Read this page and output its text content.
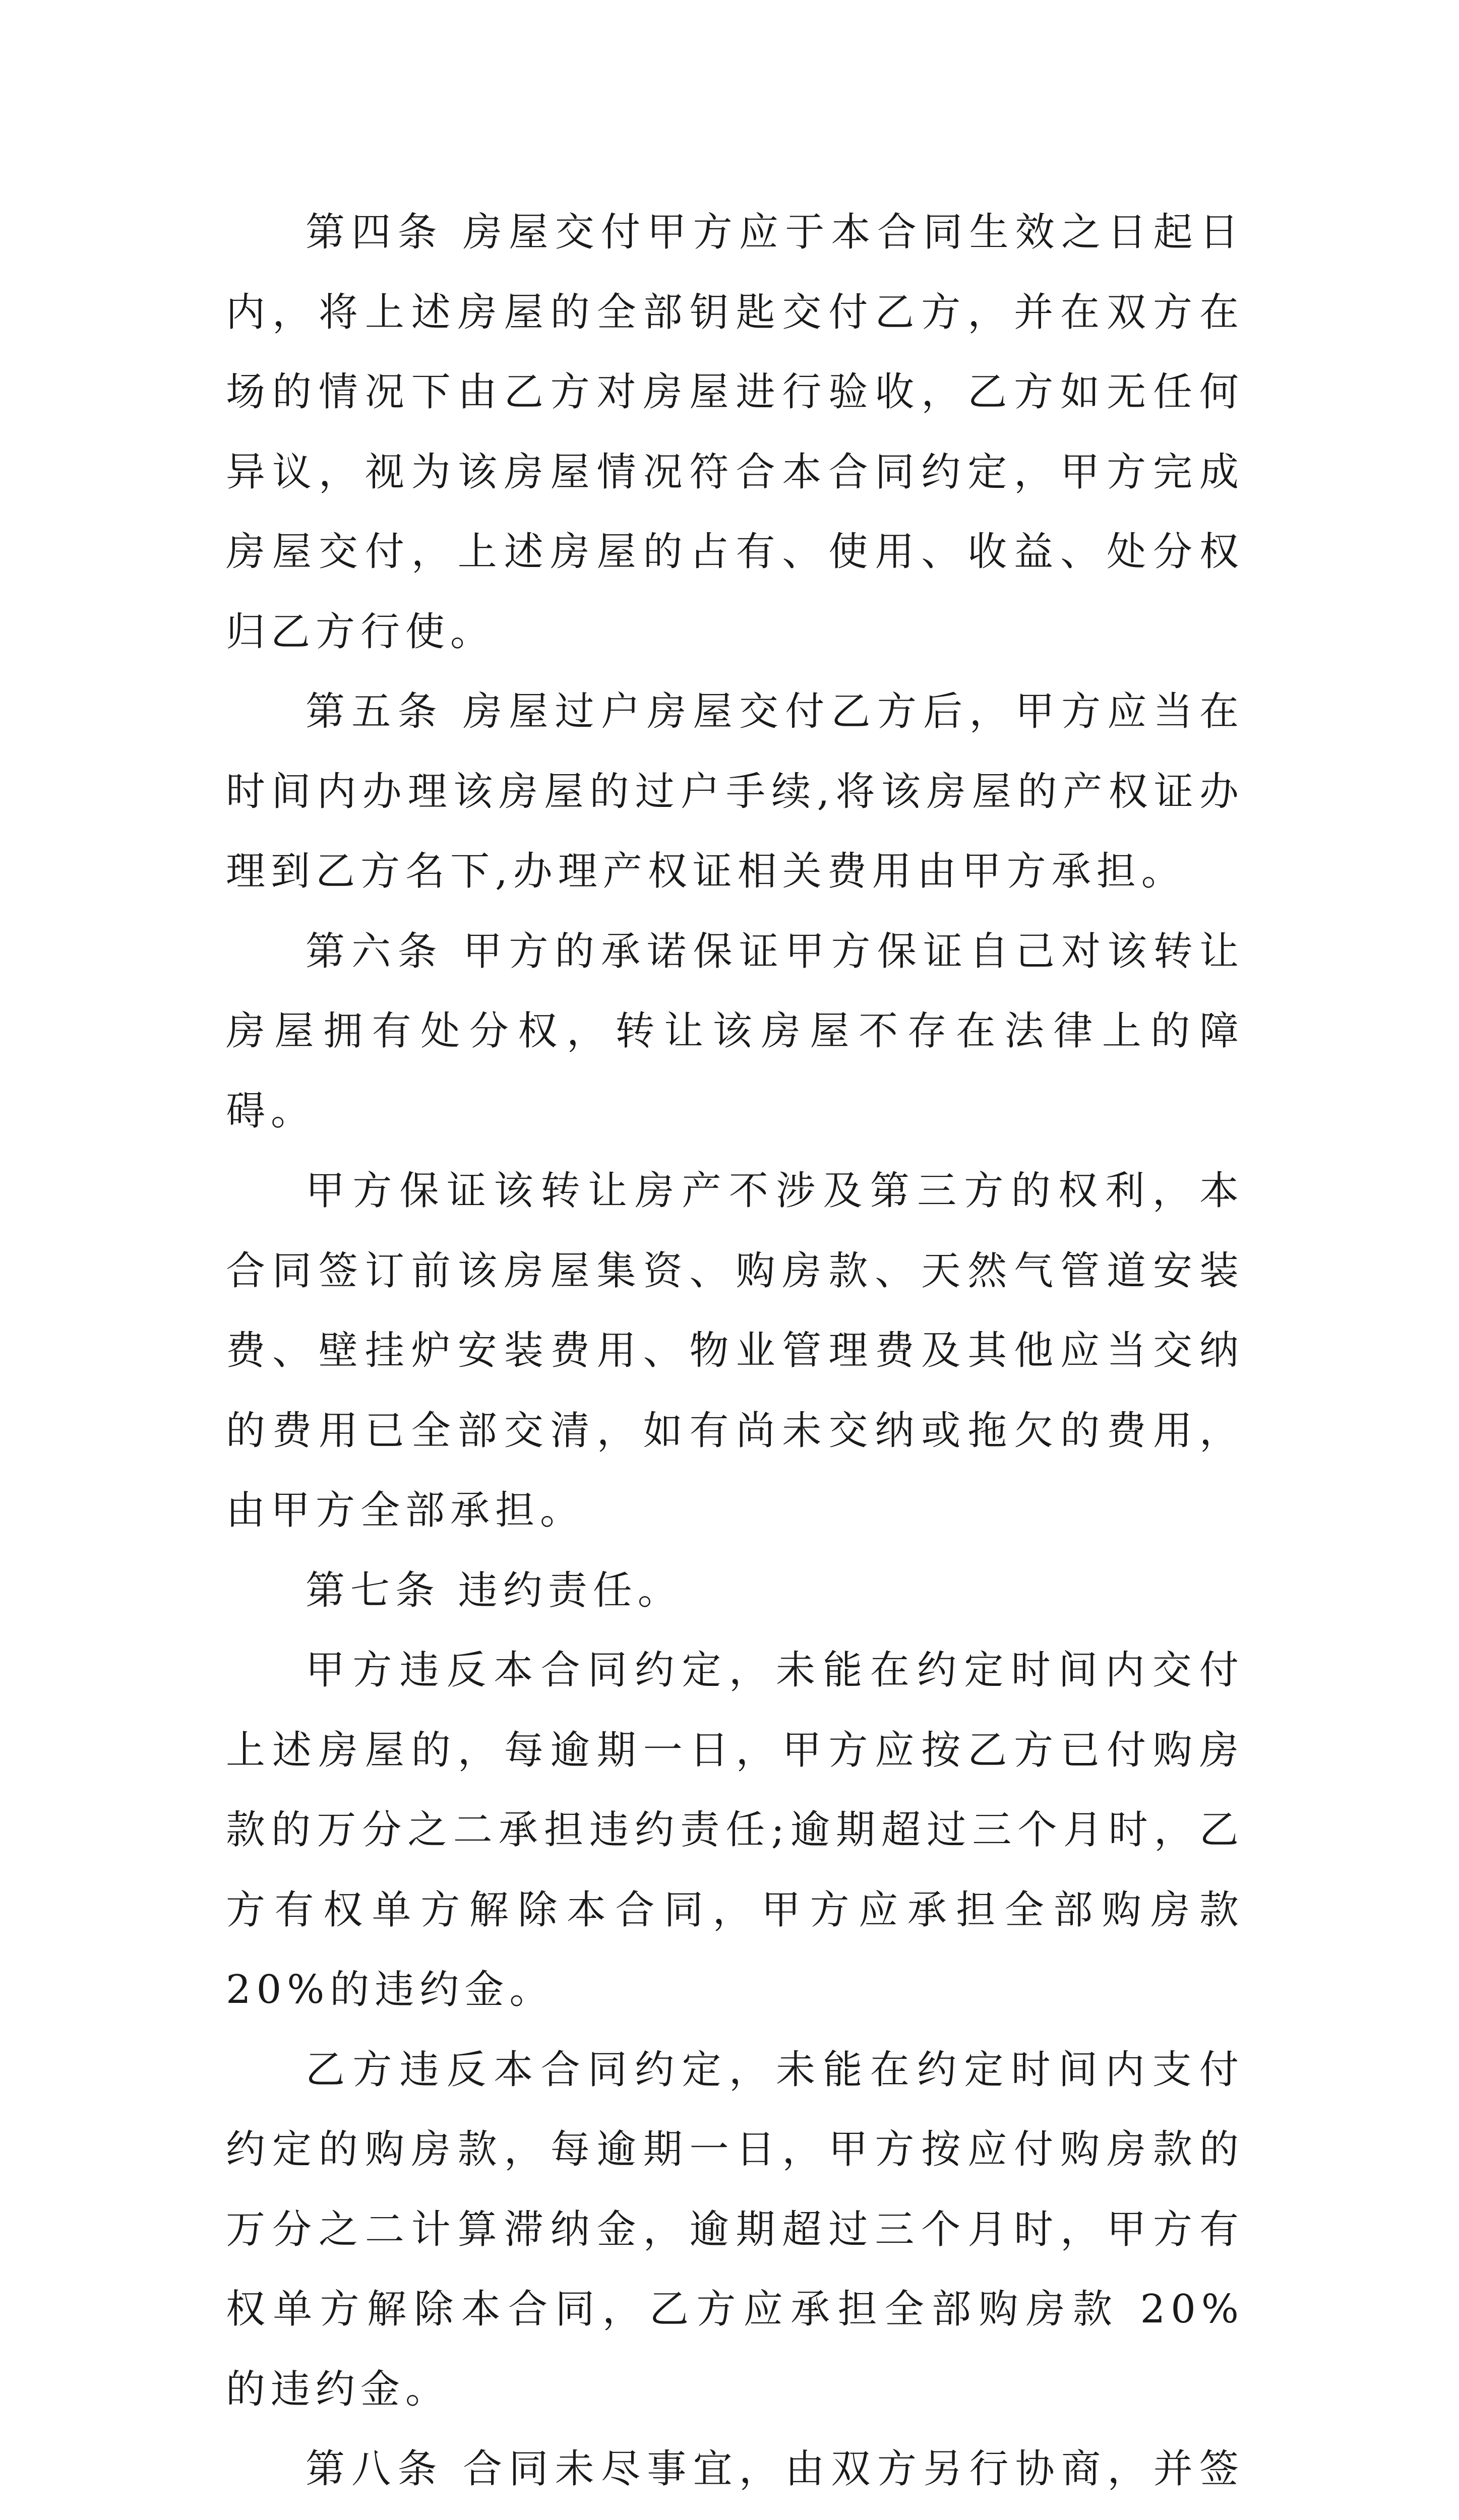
第四条 房屋交付甲方应于本合同生效之日起日内，将上述房屋的全部钥匙交付乙方，并在双方在场的情况下由乙方对房屋进行验收，乙方如无任何异议，视为该房屋情况符合本合同约定，甲方完成房屋交付，上述房屋的占有、使用、收益、处分权归乙方行使。

第五条 房屋过户房屋交付乙方后，甲方应当在时间内办理该房屋的过户手续,将该房屋的产权证办理到乙方名下,办理产权证相关费用由甲方承担。

第六条 甲方的承诺保证甲方保证自己对该转让房屋拥有处分权，转让该房屋不存在法律上的障碍。

甲方保证该转让房产不涉及第三方的权利，本合同签订前该房屋集资、购房款、天然气管道安装费、壁挂炉安装费用、物业管理费及其他应当交纳的费用已全部交清，如有尚未交纳或拖欠的费用，由甲方全部承担。

第七条 违约责任。

甲方违反本合同约定，未能在约定时间内交付上述房屋的，每逾期一日，甲方应按乙方已付购房款的万分之二承担违约责任;逾期超过三个月时，乙方有权单方解除本合同，甲方应承担全部购房款 20%的违约金。

乙方违反本合同约定，未能在约定时间内支付约定的购房款，每逾期一日，甲方按应付购房款的万分之二计算滞纳金，逾期超过三个月时，甲方有权单方解除本合同，乙方应承担全部购房款 20%的违约金。

第八条 合同未尽事宜，由双方另行协商，并签
